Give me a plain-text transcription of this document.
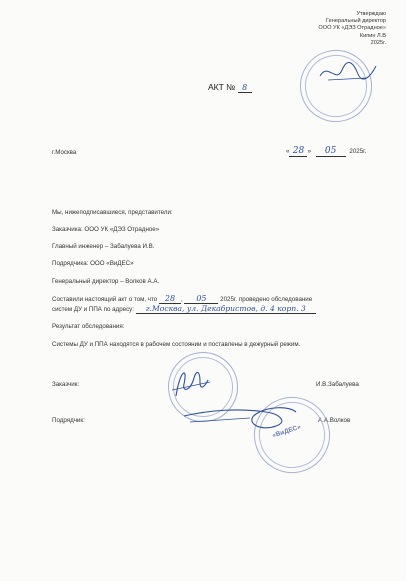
Утверждаю
Генеральный директор
ООО УК «ДЭЗ Отрадное»
Кипин Л.В
2025г.
АКТ № 8
г.Москва	« 28 » 05 2025г.
Мы, нижеподписавшиеся, представители:
Заказчика: ООО УК «ДЭЗ Отрадное»
Главный инженер – Забалуева И.В.
Подрядчика: ООО «ВиДЕС»
Генеральный директор – Волков А.А.
Составили настоящий акт о том, что 28 , 05 2025г. проведено обследование
систем ДУ и ППА по адресу: г.Москва, ул. Декабристов, д. 4 корп. 3
Результат обследования:
Системы ДУ и ППА находятся в рабочем состоянии и поставлены в дежурный режим.
Заказчик:	И.В.Забалуева
Подрядчик:	А.А.Волков
«ВиДЕС»
